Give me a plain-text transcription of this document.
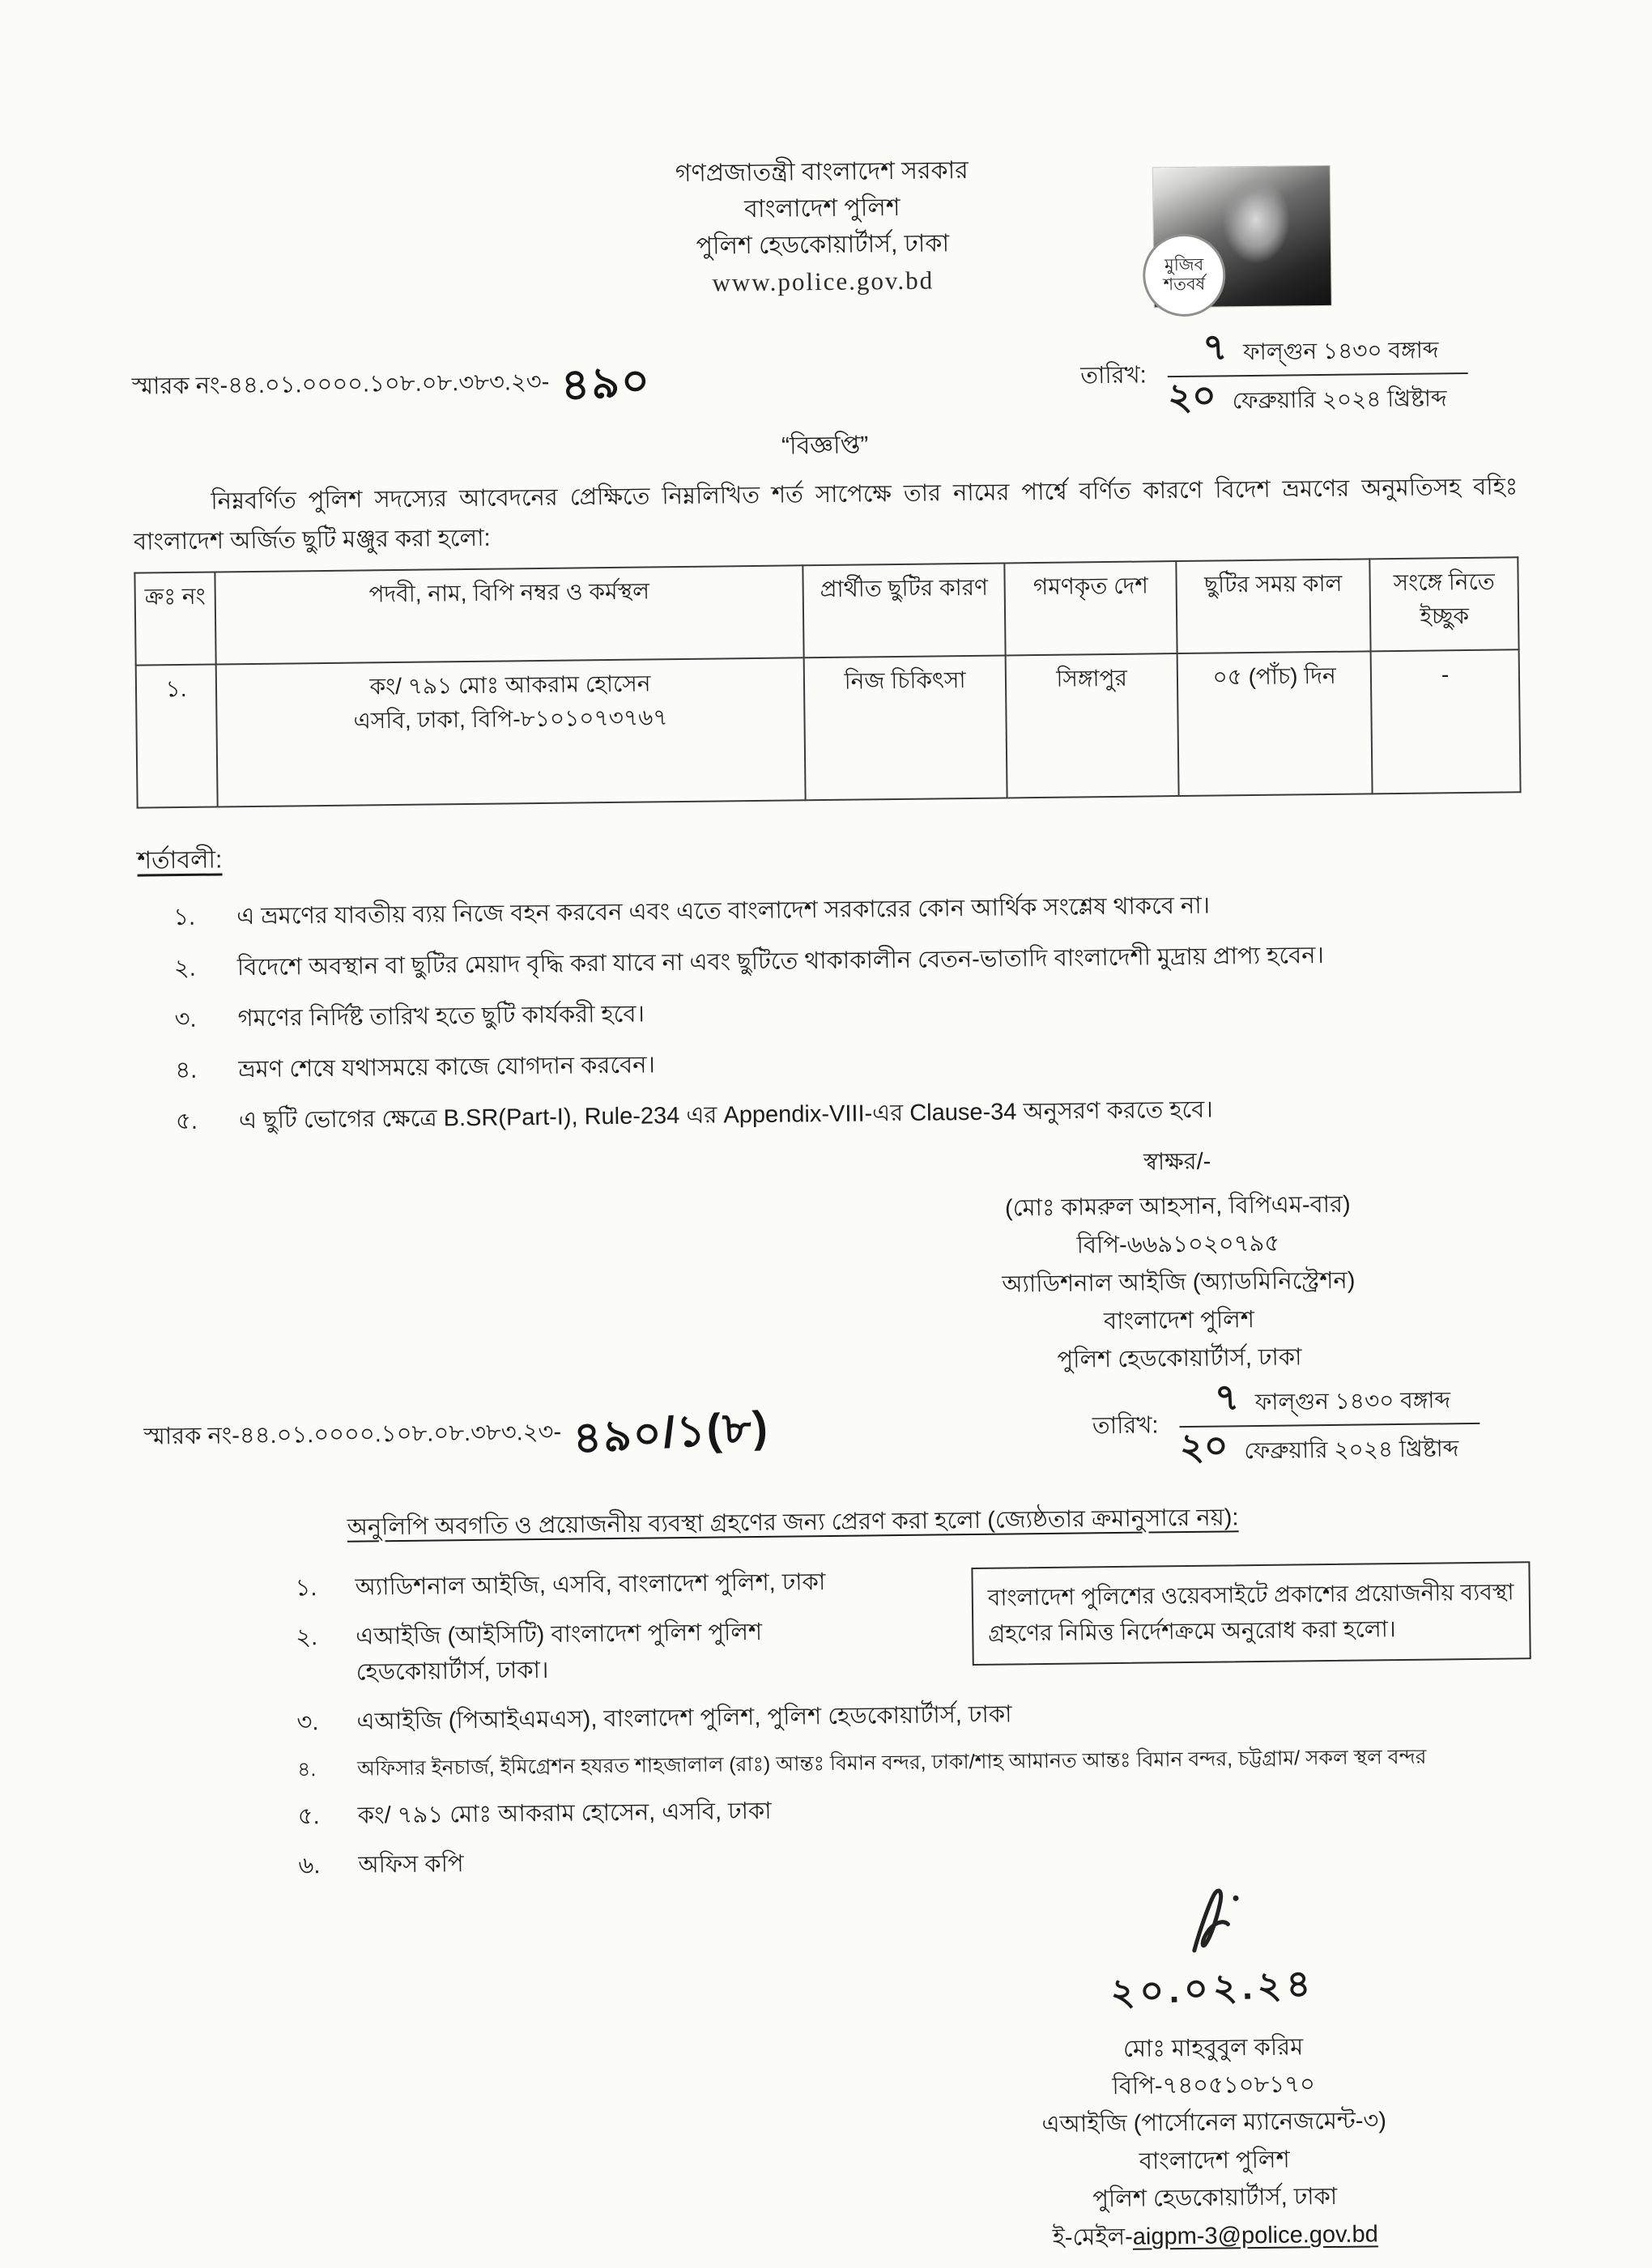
গণপ্রজাতন্ত্রী বাংলাদেশ সরকার
বাংলাদেশ পুলিশ
পুলিশ হেডকোয়ার্টার্স, ঢাকা
www.police.gov.bd
মুজিব
শতবর্ষ
স্মারক নং-৪৪.০১.০০০০.১০৮.০৮.৩৮৩.২৩- ৪৯০	তারিখ:
৭ ফাল্গুন ১৪৩০ বঙ্গাব্দ
২০ ফেব্রুয়ারি ২০২৪ খ্রিষ্টাব্দ
“বিজ্ঞপ্তি”
নিম্নবর্ণিত পুলিশ সদস্যের আবেদনের প্রেক্ষিতে নিম্নলিখিত শর্ত সাপেক্ষে তার নামের পার্শ্বে বর্ণিত কারণে বিদেশ ভ্রমণের অনুমতিসহ বহিঃ বাংলাদেশ অর্জিত ছুটি মঞ্জুর করা হলো:
ক্রঃ নং	পদবী, নাম, বিপি নম্বর ও কর্মস্থল	প্রার্থীত ছুটির কারণ	গমণকৃত দেশ	ছুটির সময় কাল	সংঙ্গে নিতে ইচ্ছুক
১.	কং/ ৭৯১ মোঃ আকরাম হোসেন
এসবি, ঢাকা, বিপি-৮১০১০৭৩৭৬৭	নিজ চিকিৎসা	সিঙ্গাপুর	০৫ (পাঁচ) দিন	-
শর্তাবলী:
১.	এ ভ্রমণের যাবতীয় ব্যয় নিজে বহন করবেন এবং এতে বাংলাদেশ সরকারের কোন আর্থিক সংশ্লেষ থাকবে না।
২.	বিদেশে অবস্থান বা ছুটির মেয়াদ বৃদ্ধি করা যাবে না এবং ছুটিতে থাকাকালীন বেতন-ভাতাদি বাংলাদেশী মুদ্রায় প্রাপ্য হবেন।
৩.	গমণের নির্দিষ্ট তারিখ হতে ছুটি কার্যকরী হবে।
৪.	ভ্রমণ শেষে যথাসময়ে কাজে যোগদান করবেন।
৫.	এ ছুটি ভোগের ক্ষেত্রে B.SR(Part-I), Rule-234 এর Appendix-VIII-এর Clause-34 অনুসরণ করতে হবে।
স্বাক্ষর/-
(মোঃ কামরুল আহসান, বিপিএম-বার)
বিপি-৬৬৯১০২০৭৯৫
অ্যাডিশনাল আইজি (অ্যাডমিনিস্ট্রেশন)
বাংলাদেশ পুলিশ
পুলিশ হেডকোয়ার্টার্স, ঢাকা
স্মারক নং-৪৪.০১.০০০০.১০৮.০৮.৩৮৩.২৩- ৪৯০/১(৮)	তারিখ:
৭ ফাল্গুন ১৪৩০ বঙ্গাব্দ
২০ ফেব্রুয়ারি ২০২৪ খ্রিষ্টাব্দ
অনুলিপি অবগতি ও প্রয়োজনীয় ব্যবস্থা গ্রহণের জন্য প্রেরণ করা হলো (জ্যেষ্ঠতার ক্রমানুসারে নয়):
১.	অ্যাডিশনাল আইজি, এসবি, বাংলাদেশ পুলিশ, ঢাকা
২.	এআইজি (আইসিটি) বাংলাদেশ পুলিশ পুলিশ হেডকোয়ার্টার্স, ঢাকা।
বাংলাদেশ পুলিশের ওয়েবসাইটে প্রকাশের প্রয়োজনীয় ব্যবস্থা গ্রহণের নিমিত্ত নির্দেশক্রমে অনুরোধ করা হলো।
৩.	এআইজি (পিআইএমএস), বাংলাদেশ পুলিশ, পুলিশ হেডকোয়ার্টার্স, ঢাকা
৪.	অফিসার ইনচার্জ, ইমিগ্রেশন হযরত শাহজালাল (রাঃ) আন্তঃ বিমান বন্দর, ঢাকা/শাহ আমানত আন্তঃ বিমান বন্দর, চট্টগ্রাম/ সকল স্থল বন্দর
৫.	কং/ ৭৯১ মোঃ আকরাম হোসেন, এসবি, ঢাকা
৬.	অফিস কপি
২০.০২.২৪
মোঃ মাহবুবুল করিম
বিপি-৭৪০৫১০৮১৭০
এআইজি (পার্সোনেল ম্যানেজমেন্ট-৩)
বাংলাদেশ পুলিশ
পুলিশ হেডকোয়ার্টার্স, ঢাকা
ই-মেইল-aigpm-3@police.gov.bd
